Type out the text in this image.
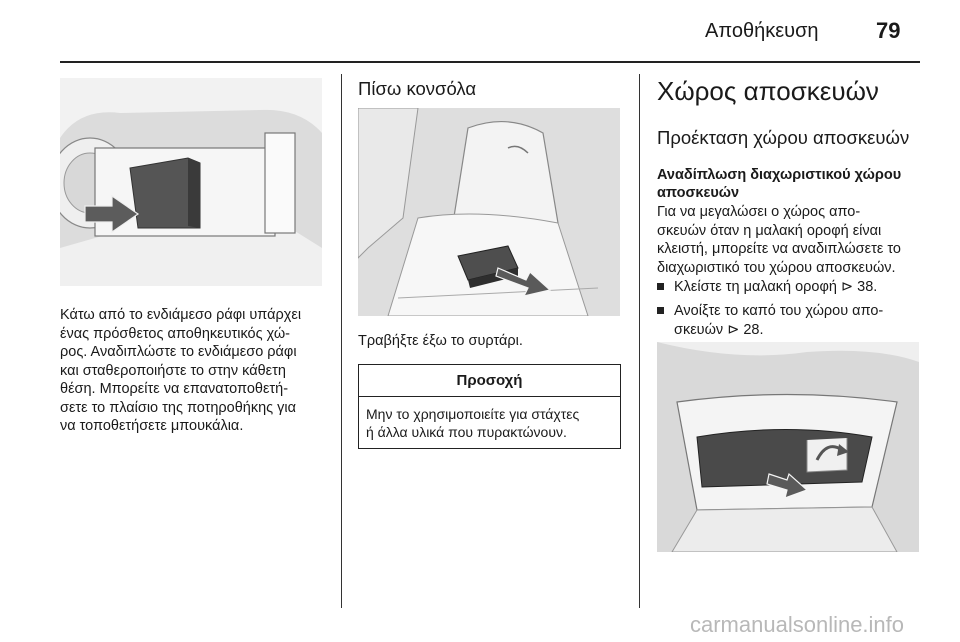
Αποθήκευση	79
Κάτω από το ενδιάμεσο ράφι υπάρχει
ένας πρόσθετος αποθηκευτικός χώ-
ρος. Αναδιπλώστε το ενδιάμεσο ράφι
και σταθεροποιήστε το στην κάθετη
θέση. Μπορείτε να επανατοποθετή-
σετε το πλαίσιο της ποτηροθήκης για
να τοποθετήσετε μπουκάλια.
Πίσω κονσόλα
Τραβήξτε έξω το συρτάρι.
Προσοχή
Μην το χρησιμοποιείτε για στάχτες
ή άλλα υλικά που πυρακτώνουν.
Χώρος αποσκευών
Προέκταση χώρου αποσκευών
Αναδίπλωση διαχωριστικού χώρου
αποσκευών
Για να μεγαλώσει ο χώρος απο-
σκευών όταν η μαλακή οροφή είναι
κλειστή, μπορείτε να αναδιπλώσετε το
διαχωριστικό του χώρου αποσκευών.
Κλείστε τη μαλακή οροφή ⊳ 38.
Ανοίξτε το καπό του χώρου απο-
σκευών ⊳ 28.
carmanualsonline.info
